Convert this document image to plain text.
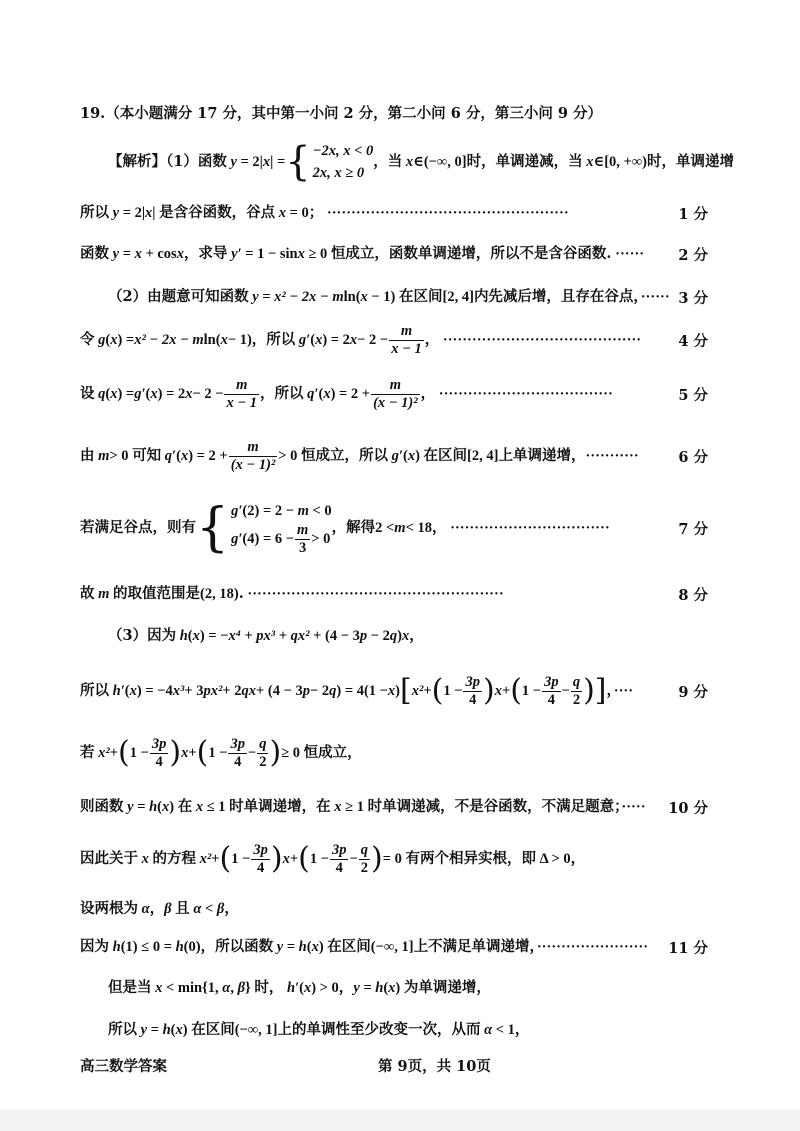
19.（本小题满分 17 分，其中第一小问 2 分，第二小问 6 分，第三小问 9 分）
【解析】（1）函数 y = 2| x | = { −2x, x < 0
2x, x ≥ 0
，当 x ∈(−∞, 0] 时，单调递减，当 x ∈[0, +∞) 时，单调递增
所以 y = 2|x| 是含谷函数，谷点 x = 0； ··················································	1 分
函数 y = x + cosx，求导 y′ = 1 − sinx ≥ 0 恒成立，函数单调递增，所以不是含谷函数. ······ 2 分
（2）由题意可知函数 y = x² − 2x − mln(x − 1) 在区间[2, 4]内先减后增，且存在谷点，······ 3 分
令 g ( x ) = x² − 2x − m ln( x − 1) ，所以 g′ ( x ) = 2 $x - 2 - \frac{m}{x - 1}$ ， ·········································	4 分
设 q ( x ) = g′ ( x ) = 2 $x - 2 - \frac{m}{x - 1}$ ，所以 q′ ( x ) = $2 + \frac{m}{\text{(x − 1)²}}$ ， ····································	5 分
由 m > 0 可知 q′ ( x ) = $2 + \frac{m}{\text{(x − 1)²}} > 0$ 恒成立，所以 g′ ( x ) 在区间 [2, 4] 上单调递增， ···········	6 分
若满足谷点，则有 { g′(2) = 2 − m < 0
g′ $(4) = 6 - \frac{m}{3} > 0$
，解得 2 < m < 18 ， ·································	7 分
故 m 的取值范围是(2, 18). ·····················································	8 分
（3）因为 h(x) = −x⁴ + px³ + qx² + (4 − 3p − 2q)x，
所以 h′ ( x ) = −4 x³ + 3 px² + 2 qx + (4 − 3 p − 2 q ) = 4(1 − x ) [ x² + ( $1 - \frac{3p}{4}$ ) x + ( $1 - \frac{3p}{4} - \frac{q}{2}$ )] ，····	9 分
若 x² + ( $1 - \frac{3p}{4}$ ) x + ( $1 - \frac{3p}{4} - \frac{q}{2}$ ) ≥ 0 恒成立，
则函数 y = h(x) 在 x ≤ 1 时单调递增，在 x ≥ 1 时单调递减，不是谷函数，不满足题意；····· 10 分
因此关于 x 的方程 x² + ( $1 - \frac{3p}{4}$ ) x + ( $1 - \frac{3p}{4} - \frac{q}{2}$ ) = 0 有两个相异实根，即 Δ > 0，
设两根为 α，β 且 α < β，
因为 h(1) ≤ 0 = h(0)，所以函数 y = h(x) 在区间(−∞, 1]上不满足单调递增，······················· 11 分
但是当 x < min{1, α, β} 时， h′(x) > 0，y = h(x) 为单调递增，
所以 y = h(x) 在区间(−∞, 1]上的单调性至少改变一次，从而 α < 1，
高三数学答案	第 9页，共 10页
